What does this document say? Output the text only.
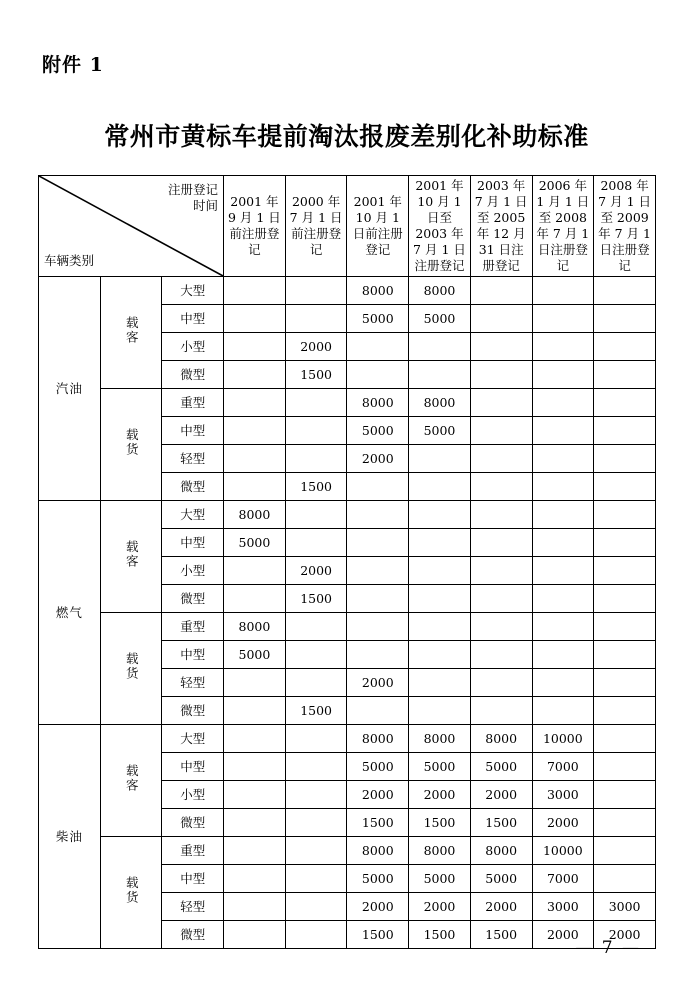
附件 1
常州市黄标车提前淘汰报废差别化补助标准
注册登记时间
车辆类别			2001 年 9 月 1 日前注册登记	2000 年 7 月 1 日前注册登记	2001 年 10 月 1 日前注册登记	2001 年 10 月 1 日至 2003 年 7 月 1 日注册登记	2003 年 7 月 1 日至 2005 年 12 月 31 日注册登记	2006 年 1 月 1 日至 2008 年 7 月 1 日注册登记	2008 年 7 月 1 日至 2009 年 7 月 1 日注册登记
汽油	载客	大型			8000	8000			
		中型			5000	5000			
		小型		2000					
		微型		1500					
	载货	重型			8000	8000			
		中型			5000	5000			
		轻型			2000				
		微型		1500					
燃气	载客	大型	8000						
		中型	5000						
		小型		2000					
		微型		1500					
	载货	重型	8000						
		中型	5000						
		轻型			2000				
		微型		1500					
柴油	载客	大型			8000	8000	8000	10000	
		中型			5000	5000	5000	7000	
		小型			2000	2000	2000	3000	
		微型			1500	1500	1500	2000	
	载货	重型			8000	8000	8000	10000	
		中型			5000	5000	5000	7000	
		轻型			2000	2000	2000	3000	3000
		微型			1500	1500	1500	2000	2000
— 7 —
